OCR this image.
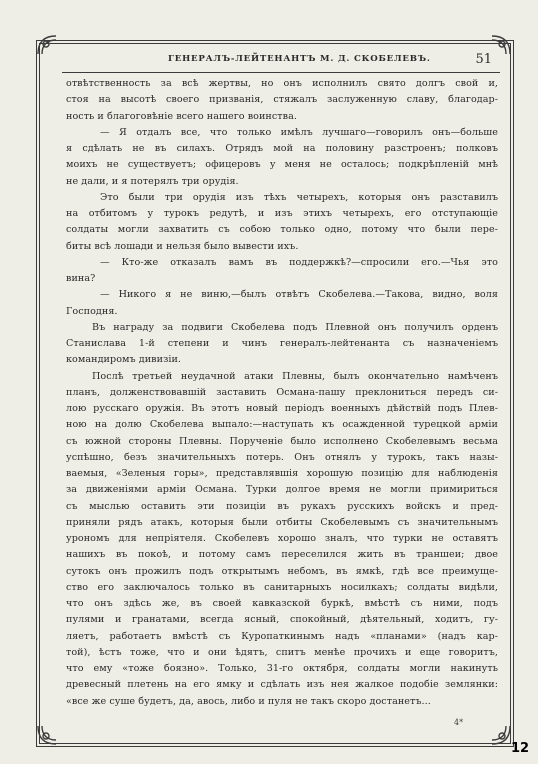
ГЕНЕРАЛЪ-ЛЕЙТЕНАНТЪ М. Д. СКОБЕЛЕВЪ.	51
отвѣтственность за всѣ жертвы, но онъ исполнилъ свято долгъ свой и,
стоя на высотѣ своего призванія, стяжалъ заслуженную славу, благодар-
ность и благоговѣніе всего нашего воинства.
— Я отдалъ все, что только имѣлъ лучшаго—говорилъ онъ—больше
я сдѣлать не въ силахъ. Отрядъ мой на половину разстроенъ; полковъ
моихъ не существуетъ; офицеровъ у меня не осталось; подкрѣпленій мнѣ
не дали, и я потерялъ три орудія.
Это были три орудія изъ тѣхъ четырехъ, которыя онъ разставилъ
на отбитомъ у турокъ редутѣ, и изъ этихъ четырехъ, его отступающіе
солдаты могли захватить съ собою только одно, потому что были пере-
биты всѣ лошади и нельзя было вывести ихъ.
— Кто-же отказалъ вамъ въ поддержкѣ?—спросили его.—Чья это
вина?
— Никого я не виню,—былъ отвѣтъ Скобелева.—Такова, видно, воля
Господня.
Въ награду за подвиги Скобелева подъ Плевной онъ получилъ орденъ
Станислава 1-й степени и чинъ генералъ-лейтенанта съ назначеніемъ
командиромъ дивизіи.
Послѣ третьей неудачной атаки Плевны, былъ окончательно намѣченъ
планъ, долженствовавшій заставить Османа-пашу преклониться передъ си-
лою русскаго оружія. Въ этотъ новый періодъ военныхъ дѣйствій подъ Плев-
ною на долю Скобелева выпало:—наступать къ осажденной турецкой арміи
съ южной стороны Плевны. Порученіе было исполнено Скобелевымъ весьма
успѣшно, безъ значительныхъ потерь. Онъ отнялъ у турокъ, такъ назы-
ваемыя, «Зеленыя горы», представлявшія хорошую позицію для наблюденія
за движеніями арміи Османа. Турки долгое время не могли примириться
съ мыслью оставить эти позиціи въ рукахъ русскихъ войскъ и пред-
приняли рядъ атакъ, которыя были отбиты Скобелевымъ съ значительнымъ
урономъ для непріятеля. Скобелевъ хорошо зналъ, что турки не оставятъ
нашихъ въ покоѣ, и потому самъ переселился жить въ траншеи; двое
сутокъ онъ прожилъ подъ открытымъ небомъ, въ ямкѣ, гдѣ все преимуще-
ство его заключалось только въ санитарныхъ носилкахъ; солдаты видѣли,
что онъ здѣсь же, въ своей кавказской буркѣ, вмѣстѣ съ ними, подъ
пулями и гранатами, всегда ясный, спокойный, дѣятельный, ходитъ, гу-
ляетъ, работаетъ вмѣстѣ съ Куропаткинымъ надъ «планами» (надъ кар-
той), ѣстъ тоже, что и они ѣдятъ, спитъ менѣе прочихъ и еще говоритъ,
что ему «тоже боязно». Только, 31-го октября, солдаты могли накинуть
древесный плетень на его ямку и сдѣлать изъ нея жалкое подобіе землянки:
«все же суше будетъ, да, авось, либо и пуля не такъ скоро достанетъ...
4*
12
